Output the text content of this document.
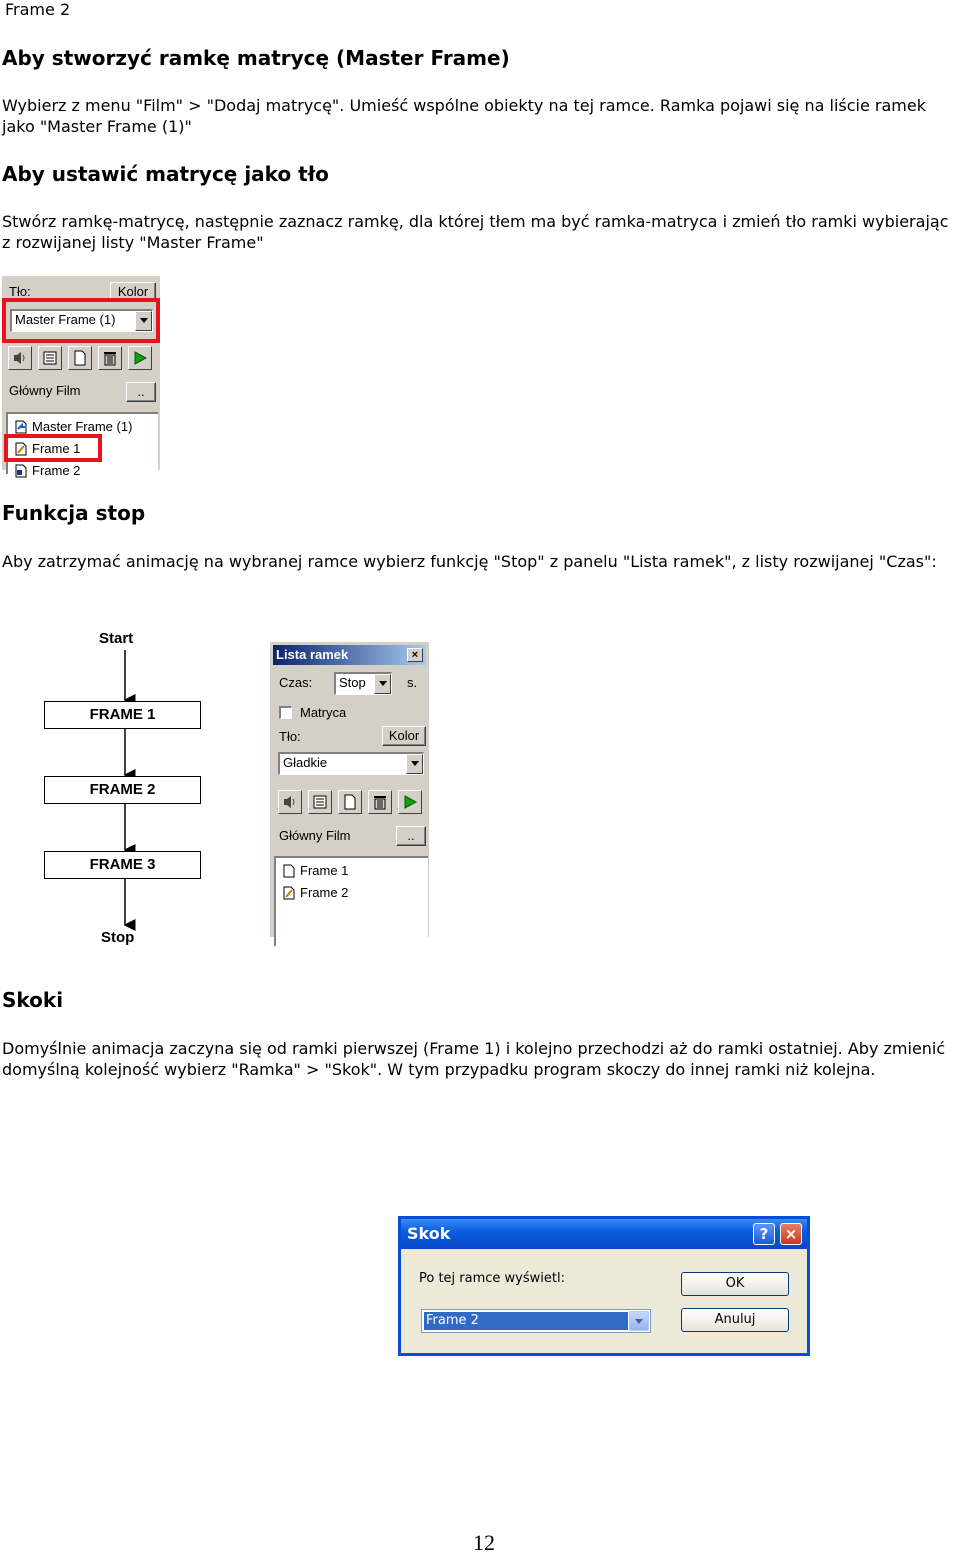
Frame 2
Aby stworzyć ramkę matrycę (Master Frame)

Wybierz z menu "Film" > "Dodaj matrycę". Umieść wspólne obiekty na tej ramce. Ramka pojawi się na liście ramek jako "Master Frame (1)"

Aby ustawić matrycę jako tło

Stwórz ramkę-matrycę, następnie zaznacz ramkę, dla której tłem ma być ramka-matryca i zmień tło ramki wybierając z rozwijanej listy "Master Frame"

Tło:	Kolor
Master Frame (1)
Główny Film	..
Master Frame (1)
Frame 1
Frame 2
Funkcja stop

Aby zatrzymać animację na wybranej ramce wybierz funkcję "Stop" z panelu "Lista ramek", z listy rozwijanej "Czas":

Start
FRAME 1
FRAME 2
FRAME 3
Stop
Lista ramek	×
Czas:	Stop	s.
Matryca
Tło:	Kolor
Gładkie
Główny Film	..
Frame 1
Frame 2
Skoki

Domyślnie animacja zaczyna się od ramki pierwszej (Frame 1) i kolejno przechodzi aż do ramki ostatniej. Aby zmienić domyślną kolejność wybierz "Ramka" > "Skok". W tym przypadku program skoczy do innej ramki niż kolejna.

Skok	?	×
Po tej ramce wyświetl:	OK
Anuluj
Frame 2
12
